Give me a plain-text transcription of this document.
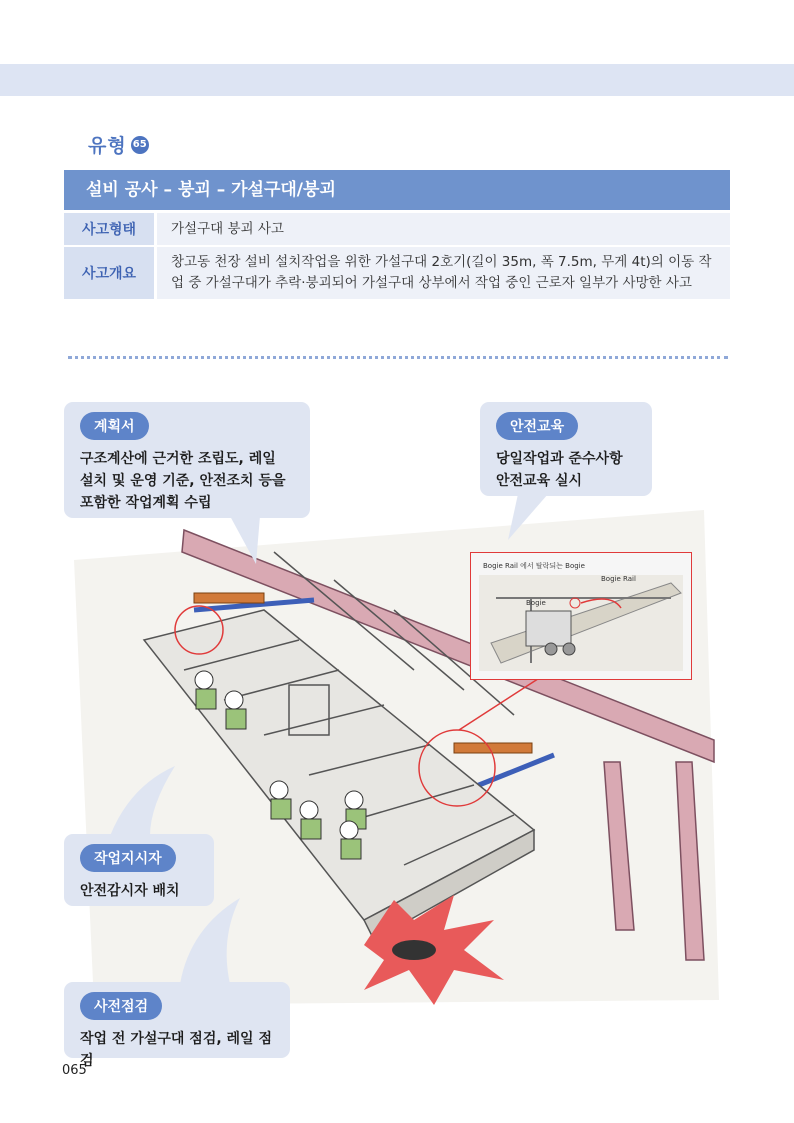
유형 65
설비 공사 – 붕괴 – 가설구대/붕괴
사고형태	가설구대 붕괴 사고
사고개요
창고동 천장 설비 설치작업을 위한 가설구대 2호기(길이 35m, 폭 7.5m, 무게 4t)의 이동 작업 중 가설구대가 추락·붕괴되어 가설구대 상부에서 작업 중인 근로자 일부가 사망한 사고
Bogie Rail 에서 탈락되는 Bogie
Bogie Rail
Bogie
계획서
구조계산에 근거한 조립도, 레일 설치 및 운영 기준, 안전조치 등을 포함한 작업계획 수립
안전교육
당일작업과 준수사항 안전교육 실시
작업지시자
안전감시자 배치
사전점검
작업 전 가설구대 점검, 레일 점검
065
